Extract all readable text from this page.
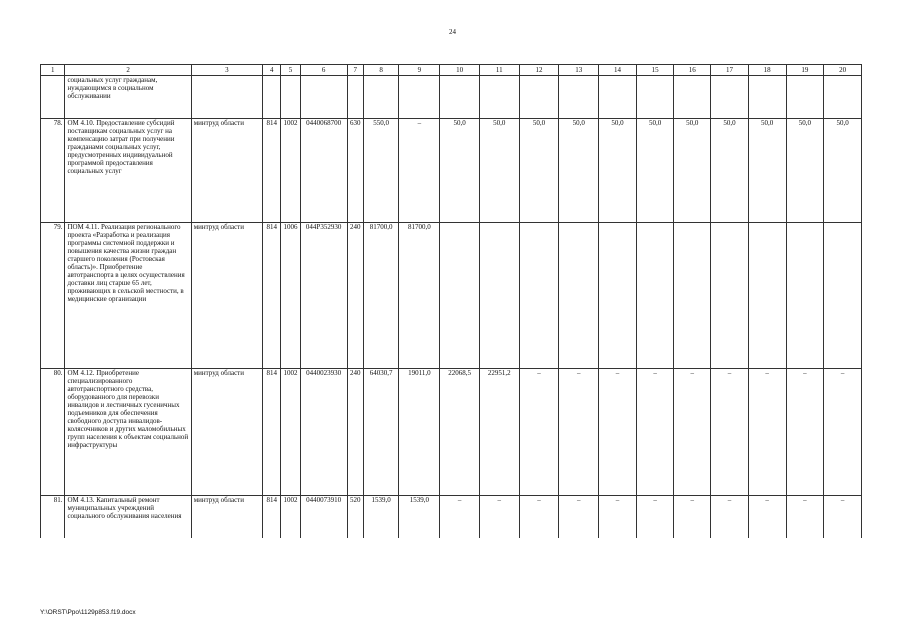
24
1	2	3	4	5	6	7	8	9	10	11	12	13	14	15	16	17	18	19	20
	социальных услуг гражданам, нуждающимся в социальном обслуживании																		
78.	ОМ 4.10. Предоставление субсидий поставщикам социальных услуг на компенсацию затрат при получении гражданами социальных услуг, предусмотренных индивидуальной программой предоставления социальных услуг	минтруд области	814	1002	0440068700	630	550,0	–	50,0	50,0	50,0	50,0	50,0	50,0	50,0	50,0	50,0	50,0	50,0
79.	ПОМ 4.11. Реализация регионального проекта «Разработка и реализация программы системной поддержки и повышения качества жизни граждан старшего поколения (Ростовская область)». Приобретение автотранспорта в целях осуществления доставки лиц старше 65 лет, проживающих в сельской местности, в медицинские организации	минтруд области	814	1006	044P352930	240	81700,0	81700,0											
80.	ОМ 4.12. Приобретение специализированного автотранспортного средства, оборудованного для перевозки инвалидов и лестничных гусеничных подъемников для обеспечения свободного доступа инвалидов-колясочников и других маломобильных групп населения к объектам социальной инфраструктуры	минтруд области	814	1002	0440023930	240	64030,7	19011,0	22068,5	22951,2	–	–	–	–	–	–	–	–	–
81.	ОМ 4.13. Капитальный ремонт муниципальных учреждений социального обслуживания населения	минтруд области	814	1002	0440073910	520	1539,0	1539,0	–	–	–	–	–	–	–	–	–	–	–
Y:\ORST\Ppo\1129p853.f19.docx
